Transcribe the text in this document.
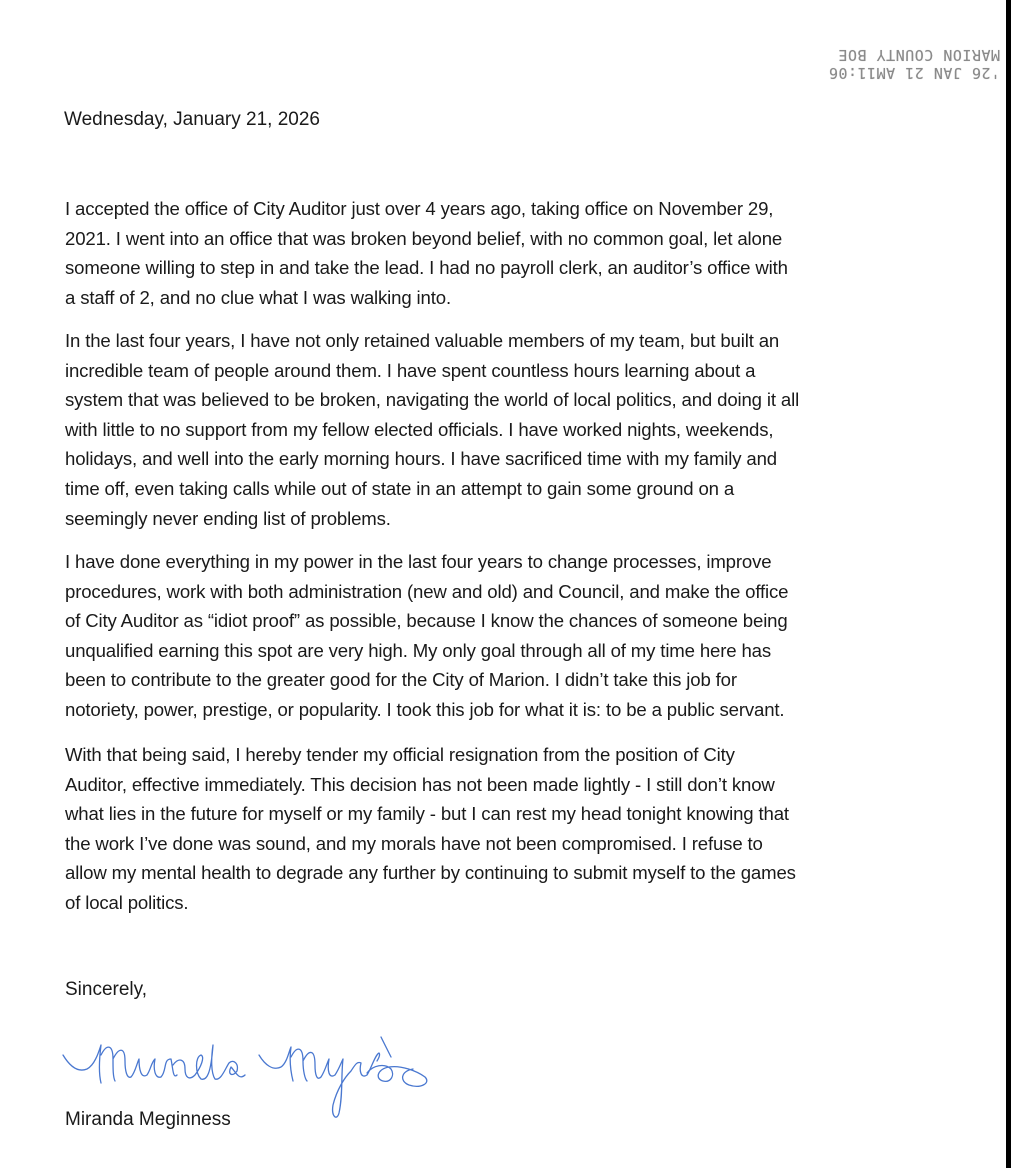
'26 JAN 21 AM11:06
MARION COUNTY BOE
Wednesday, January 21, 2026
I accepted the office of City Auditor just over 4 years ago, taking office on November 29,
2021. I went into an office that was broken beyond belief, with no common goal, let alone
someone willing to step in and take the lead. I had no payroll clerk, an auditor’s office with
a staff of 2, and no clue what I was walking into.
In the last four years, I have not only retained valuable members of my team, but built an
incredible team of people around them. I have spent countless hours learning about a
system that was believed to be broken, navigating the world of local politics, and doing it all
with little to no support from my fellow elected officials. I have worked nights, weekends,
holidays, and well into the early morning hours. I have sacrificed time with my family and
time off, even taking calls while out of state in an attempt to gain some ground on a
seemingly never ending list of problems.
I have done everything in my power in the last four years to change processes, improve
procedures, work with both administration (new and old) and Council, and make the office
of City Auditor as “idiot proof” as possible, because I know the chances of someone being
unqualified earning this spot are very high. My only goal through all of my time here has
been to contribute to the greater good for the City of Marion. I didn’t take this job for
notoriety, power, prestige, or popularity. I took this job for what it is: to be a public servant.
With that being said, I hereby tender my official resignation from the position of City
Auditor, effective immediately. This decision has not been made lightly - I still don’t know
what lies in the future for myself or my family - but I can rest my head tonight knowing that
the work I’ve done was sound, and my morals have not been compromised. I refuse to
allow my mental health to degrade any further by continuing to submit myself to the games
of local politics.
Sincerely,
Miranda Meginness
